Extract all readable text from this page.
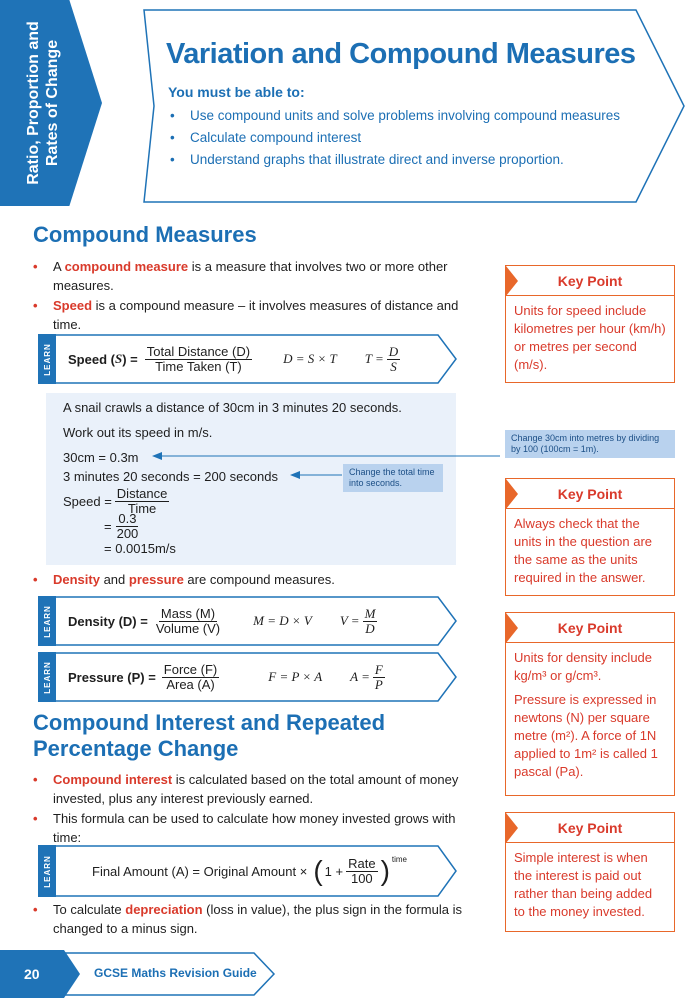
Ratio, Proportion and Rates of Change	Variation and Compound Measures
You must be able to:
• Use compound units and solve problems involving compound measures
• Calculate compound interest
• Understand graphs that illustrate direct and inverse proportion.
Compound Measures
• A compound measure is a measure that involves two or more other measures.
• Speed is a compound measure – it involves measures of distance and time.
LEARN Speed ( S ) = $\frac{\text{Total Distance (D)}}{\text{Time Taken (T)}}$ D = S × T $T = \frac{D}{S}$
A snail crawls a distance of 30cm in 3 minutes 20 seconds.
Work out its speed in m/s.
30cm = 0.3m
3 minutes 20 seconds = 200 seconds
Speed = $\frac{\text{Distance}}{\text{Time}}$
= $\frac{0.3}{200}$
= 0.0015m/s
Change the total time into seconds.
Change 30cm into metres by dividing by 100 (100cm = 1m).
• Density and pressure are compound measures.
LEARN Density $(D) = \frac{\text{Mass (M)}}{\text{Volume (V)}}$ M = D × V $V = \frac{M}{D}$
LEARN Pressure $(P) = \frac{\text{Force (F)}}{\text{Area (A)}}$	F = P × A $A = \frac{F}{P}$
Compound Interest and Repeated
Percentage Change
• Compound interest is calculated based on the total amount of money invested, plus any interest previously earned.
• This formula can be used to calculate how money invested grows with time:
LEARN	Final Amount (A) = Original Amount × ( $1 + \frac{\text{Rate}}{100}$ ) time
• To calculate depreciation (loss in value), the plus sign in the formula is changed to a minus sign.
Key Point
Units for speed include kilometres per hour (km/h) or metres per second (m/s).
Key Point
Always check that the units in the question are the same as the units required in the answer.
Key Point
Units for density include kg/m³ or g/cm³.
Pressure is expressed in newtons (N) per square metre (m²). A force of 1N applied to 1m² is called 1 pascal (Pa).
Key Point
Simple interest is when the interest is paid out rather than being added to the money invested.
20	GCSE Maths Revision Guide
